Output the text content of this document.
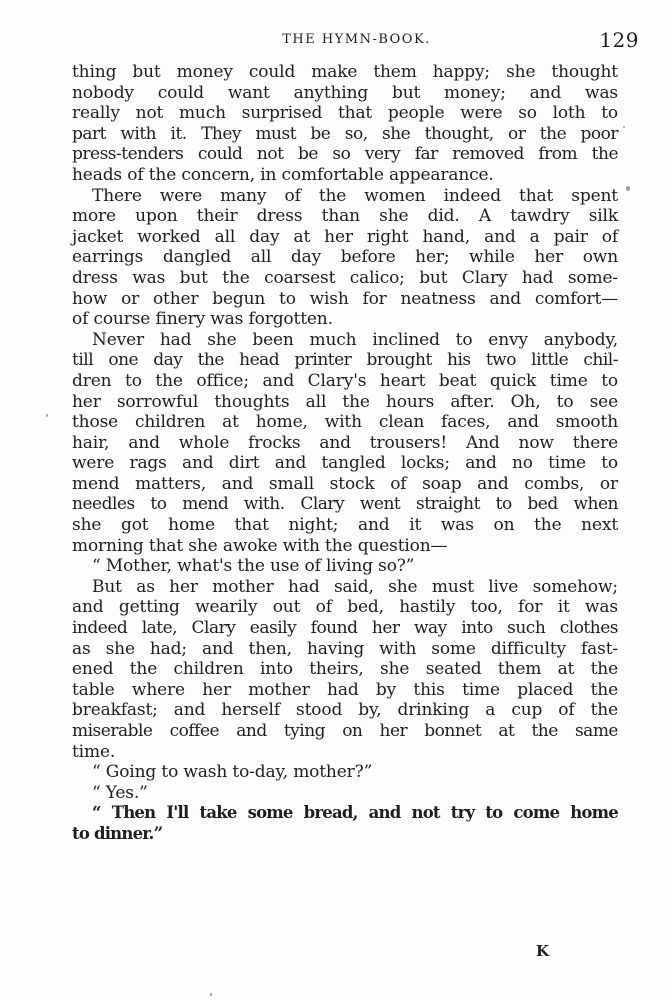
THE HYMN-BOOK.	129
thing but money could make them happy; she thought
nobody could want anything but money; and was
really not much surprised that people were so loth to
part with it. They must be so, she thought, or the poor
press-tenders could not be so very far removed from the
heads of the concern, in comfortable appearance.
There were many of the women indeed that spent
more upon their dress than she did. A tawdry silk
jacket worked all day at her right hand, and a pair of
earrings dangled all day before her; while her own
dress was but the coarsest calico; but Clary had some-
how or other begun to wish for neatness and comfort—
of course finery was forgotten.
Never had she been much inclined to envy anybody,
till one day the head printer brought his two little chil-
dren to the office; and Clary's heart beat quick time to
her sorrowful thoughts all the hours after. Oh, to see
those children at home, with clean faces, and smooth
hair, and whole frocks and trousers! And now there
were rags and dirt and tangled locks; and no time to
mend matters, and small stock of soap and combs, or
needles to mend with. Clary went straight to bed when
she got home that night; and it was on the next
morning that she awoke with the question—
“ Mother, what's the use of living so?”
But as her mother had said, she must live somehow;
and getting wearily out of bed, hastily too, for it was
indeed late, Clary easily found her way into such clothes
as she had; and then, having with some difficulty fast-
ened the children into theirs, she seated them at the
table where her mother had by this time placed the
breakfast; and herself stood by, drinking a cup of the
miserable coffee and tying on her bonnet at the same
time.
“ Going to wash to-day, mother?”
“ Yes.”
“ Then I'll take some bread, and not try to come home
to dinner.”
K
